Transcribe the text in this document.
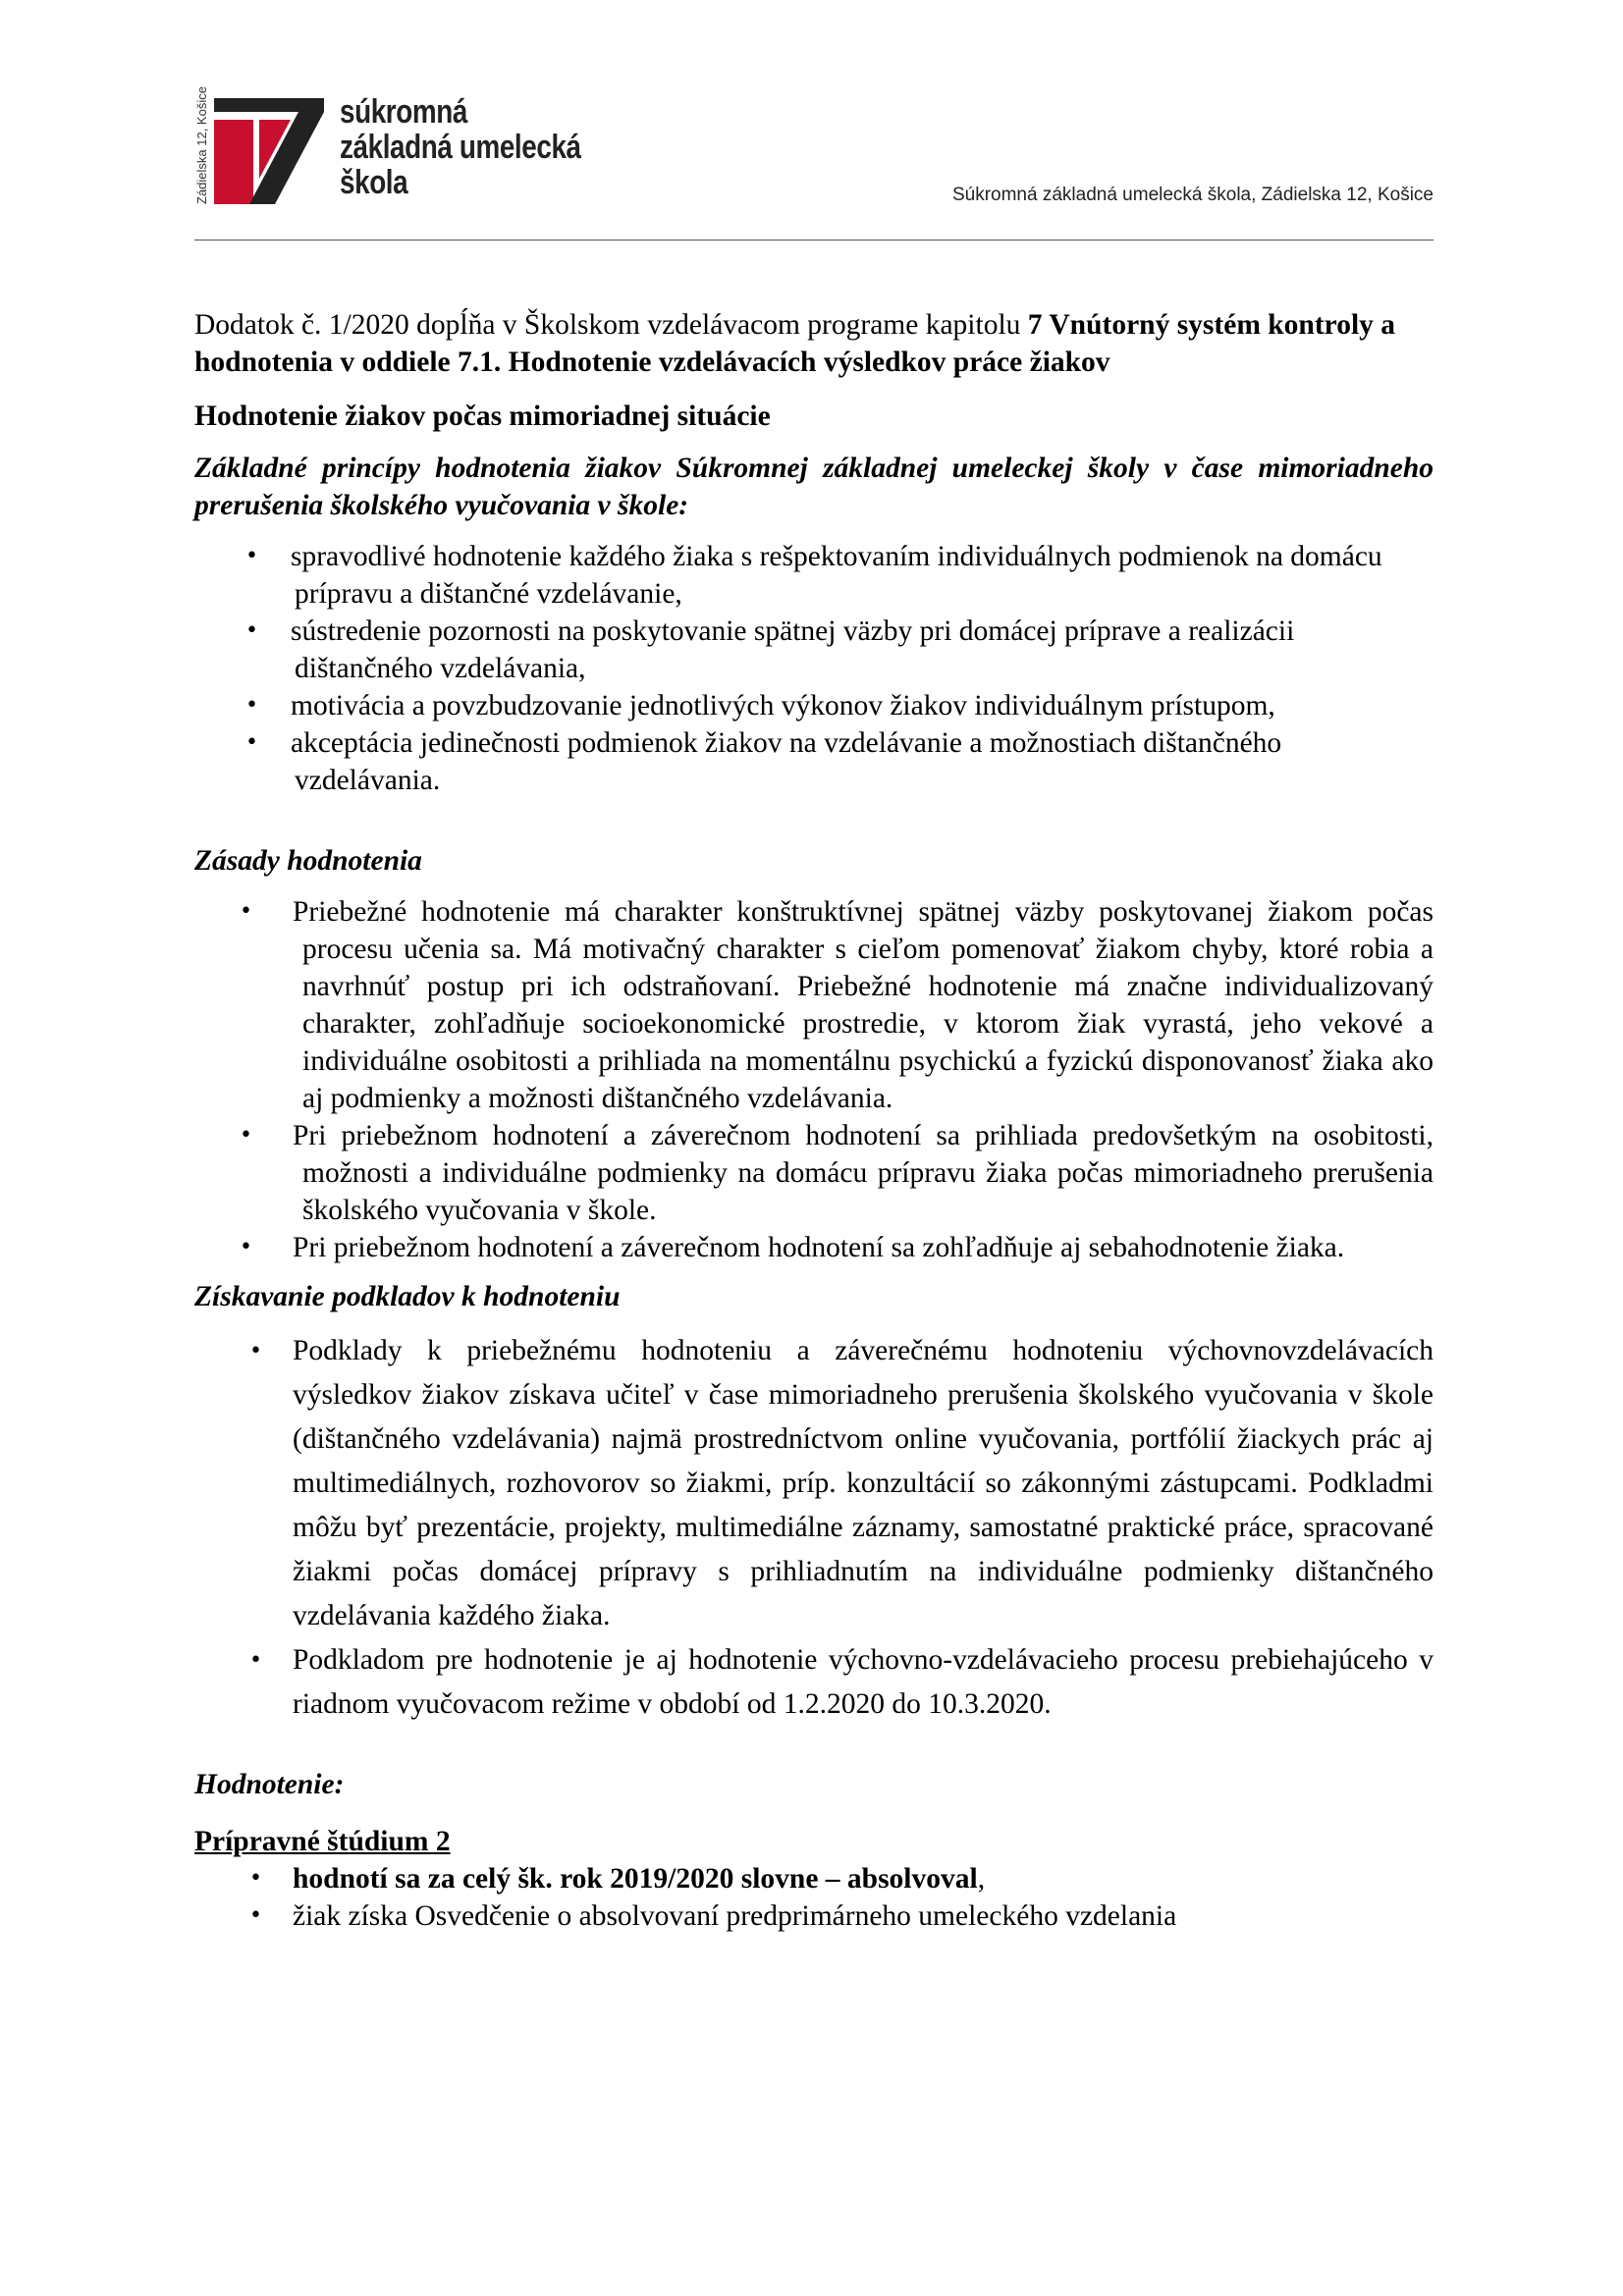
Zádielska 12, Košice	súkromná
základná umelecká
škola	Súkromná základná umelecká škola, Zádielska 12, Košice

Dodatok č. 1/2020 dopĺňa v Školskom vzdelávacom programe kapitolu 7 Vnútorný systém kontroly a hodnotenia v oddiele 7.1. Hodnotenie vzdelávacích výsledkov práce žiakov

Hodnotenie žiakov počas mimoriadnej situácie

Základné princípy hodnotenia žiakov Súkromnej základnej umeleckej školy v čase mimoriadneho prerušenia školského vyučovania v škole:

• spravodlivé hodnotenie každého žiaka s rešpektovaním individuálnych podmienok na domácu prípravu a dištančné vzdelávanie,
• sústredenie pozornosti na poskytovanie spätnej väzby pri domácej príprave a realizácii dištančného vzdelávania,
• motivácia a povzbudzovanie jednotlivých výkonov žiakov individuálnym prístupom,
• akceptácia jedinečnosti podmienok žiakov na vzdelávanie a možnostiach dištančného vzdelávania.

Zásady hodnotenia

• Priebežné hodnotenie má charakter konštruktívnej spätnej väzby poskytovanej žiakom počas procesu učenia sa. Má motivačný charakter s cieľom pomenovať žiakom chyby, ktoré robia a navrhnúť postup pri ich odstraňovaní. Priebežné hodnotenie má značne individualizovaný charakter, zohľadňuje socioekonomické prostredie, v ktorom žiak vyrastá, jeho vekové a individuálne osobitosti a prihliada na momentálnu psychickú a fyzickú disponovanosť žiaka ako aj podmienky a možnosti dištančného vzdelávania.
• Pri priebežnom hodnotení a záverečnom hodnotení sa prihliada predovšetkým na osobitosti, možnosti a individuálne podmienky na domácu prípravu žiaka počas mimoriadneho prerušenia školského vyučovania v škole.
• Pri priebežnom hodnotení a záverečnom hodnotení sa zohľadňuje aj sebahodnotenie žiaka.

Získavanie podkladov k hodnoteniu

• Podklady k priebežnému hodnoteniu a záverečnému hodnoteniu výchovnovzdelávacích výsledkov žiakov získava učiteľ v čase mimoriadneho prerušenia školského vyučovania v škole (dištančného vzdelávania) najmä prostredníctvom online vyučovania, portfólií žiackych prác aj multimediálnych, rozhovorov so žiakmi, príp. konzultácií so zákonnými zástupcami. Podkladmi môžu byť prezentácie, projekty, multimediálne záznamy, samostatné praktické práce, spracované žiakmi počas domácej prípravy s prihliadnutím na individuálne podmienky dištančného vzdelávania každého žiaka.
• Podkladom pre hodnotenie je aj hodnotenie výchovno-vzdelávacieho procesu prebiehajúceho v riadnom vyučovacom režime v období od 1.2.2020 do 10.3.2020.

Hodnotenie:

Prípravné štúdium 2

• hodnotí sa za celý šk. rok 2019/2020 slovne – absolvoval,
• žiak získa Osvedčenie o absolvovaní predprimárneho umeleckého vzdelania
